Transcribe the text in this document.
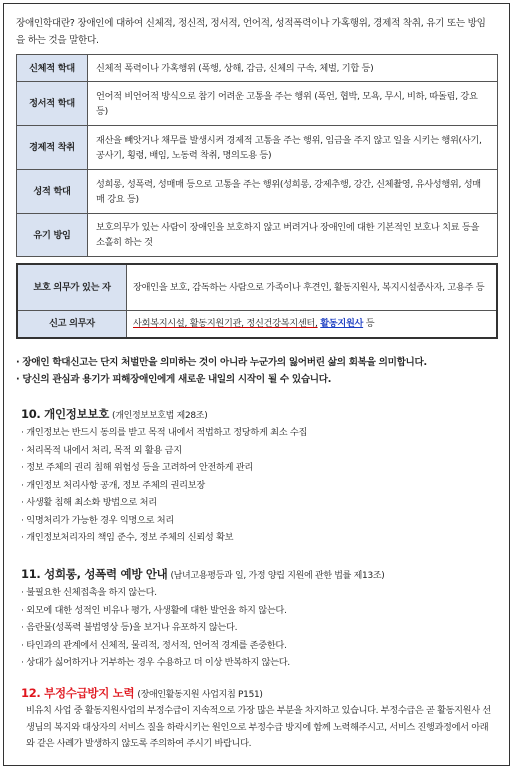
장애인학대란? 장애인에 대하여 신체적, 정신적, 정서적, 언어적, 성적폭력이나 가혹행위, 경제적 착취, 유기 또는 방임을 하는 것을 말한다.
신체적 학대	신체적 폭력이나 가혹행위 (폭행, 상해, 감금, 신체의 구속, 체벌, 기합 등)
정서적 학대	언어적 비언어적 방식으로 참기 어려운 고통을 주는 행위 (폭언, 협박, 모욕, 무시, 비하, 따돌림, 강요 등)
경제적 착취	재산을 빼앗거나 채무를 발생시켜 경제적 고통을 주는 행위, 임금을 주지 않고 일을 시키는 행위(사기, 공사기, 횡령, 배임, 노동력 착취, 명의도용 등)
성적 학대	성희롱, 성폭력, 성매매 등으로 고통을 주는 행위(성희롱, 강제추행, 강간, 신체촬영, 유사성행위, 성매매 강요 등)
유기 방임	보호의무가 있는 사람이 장애인을 보호하지 않고 버려거나 장애인에 대한 기본적인 보호나 치료 등을 소홀히 하는 것
보호 의무가 있는 자	장애인을 보호, 감독하는 사람으로 가족이나 후견인, 활동지원사, 복지시설종사자, 고용주 등
신고 의무자	사회복지시설, 활동지원기관, 정신건강복지센터, 활동지원사 등
· 장애인 학대신고는 단지 처벌만을 의미하는 것이 아니라 누군가의 잃어버린 삶의 회복을 의미합니다.
· 당신의 관심과 용기가 피해장애인에게 새로운 내일의 시작이 될 수 있습니다.
10. 개인정보보호 (개인정보보호법 제28조)
· 개인정보는 반드시 동의를 받고 목적 내에서 적법하고 정당하게 최소 수집
· 처리목적 내에서 처리, 목적 외 활용 금지
· 정보 주체의 권리 침해 위험성 등을 고려하여 안전하게 관리
· 개인정보 처리사항 공개, 정보 주체의 권리보장
· 사생활 침해 최소화 방법으로 처리
· 익명처리가 가능한 경우 익명으로 처리
· 개인정보처리자의 책임 준수, 정보 주체의 신뢰성 확보
11. 성희롱, 성폭력 예방 안내 (남녀고용평등과 일, 가정 양립 지원에 관한 법률 제13조)
· 불필요한 신체접촉을 하지 않는다.
· 외모에 대한 성적인 비유나 평가, 사생활에 대한 발언을 하지 않는다.
· 음란물(성폭력 불법영상 등)을 보거나 유포하지 않는다.
· 타인과의 관계에서 신체적, 물리적, 정서적, 언어적 경계를 존중한다.
· 상대가 싫어하거나 거부하는 경우 수용하고 더 이상 반복하지 않는다.
12. 부정수급방지 노력 (장애인활동지원 사업지침 P151)
비유치 사업 중 활동지원사업의 부정수급이 지속적으로 가장 많은 부분을 차지하고 있습니다. 부정수급은 곧 활동지원사 선생님의 복지와 대상자의 서비스 질을 하락시키는 원인으로 부정수급 방지에 함께 노력해주시고, 서비스 진행과정에서 아래와 같은 사례가 발생하지 않도록 주의하여 주시기 바랍니다.
